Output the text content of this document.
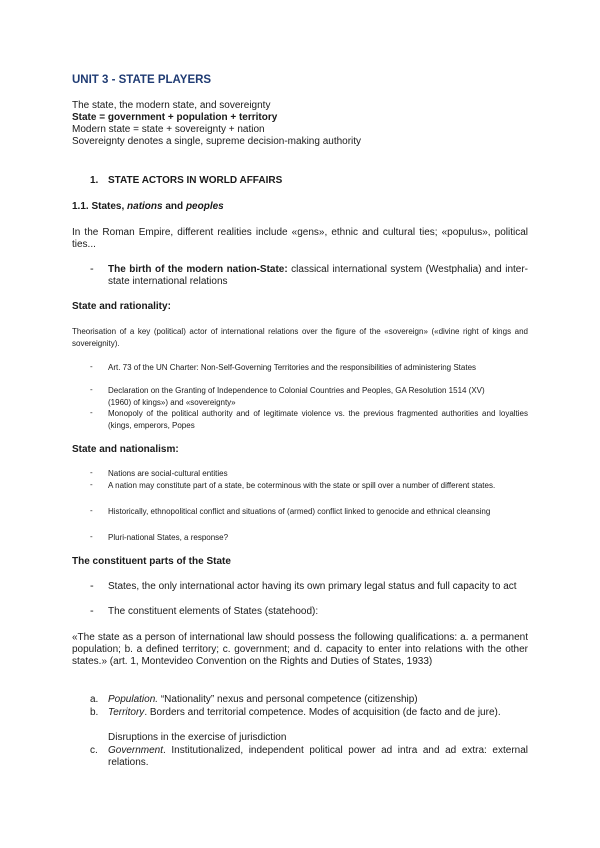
UNIT 3 - STATE PLAYERS
The state, the modern state, and sovereignty
State = government + population + territory
Modern state = state + sovereignty + nation
Sovereignty denotes a single, supreme decision-making authority
1. STATE ACTORS IN WORLD AFFAIRS
1.1. States, nations and peoples
In the Roman Empire, different realities include «gens», ethnic and cultural ties; «populus», political ties...
- The birth of the modern nation-State: classical international system (Westphalia) and inter-state international relations
State and rationality:
Theorisation of a key (political) actor of international relations over the figure of the «sovereign» («divine right of kings and sovereignity).
- Art. 73 of the UN Charter: Non-Self-Governing Territories and the responsibilities of administering States
- Declaration on the Granting of Independence to Colonial Countries and Peoples, GA Resolution 1514 (XV) (1960) of kings») and «sovereignty»
- Monopoly of the political authority and of legitimate violence vs. the previous fragmented authorities and loyalties (kings, emperors, Popes
State and nationalism:
- Nations are social-cultural entities
- A nation may constitute part of a state, be coterminous with the state or spill over a number of different states.
- Historically, ethnopolitical conflict and situations of (armed) conflict linked to genocide and ethnical cleansing
- Pluri-national States, a response?
The constituent parts of the State
- States, the only international actor having its own primary legal status and full capacity to act
- The constituent elements of States (statehood):
«The state as a person of international law should possess the following qualifications: a. a permanent population; b. a defined territory; c. government; and d. capacity to enter into relations with the other states.» (art. 1, Montevideo Convention on the Rights and Duties of States, 1933)
a. Population. “Nationality” nexus and personal competence (citizenship)
b. Territory. Borders and territorial competence. Modes of acquisition (de facto and de jure).
Disruptions in the exercise of jurisdiction
c. Government. Institutionalized, independent political power ad intra and ad extra: external relations.
